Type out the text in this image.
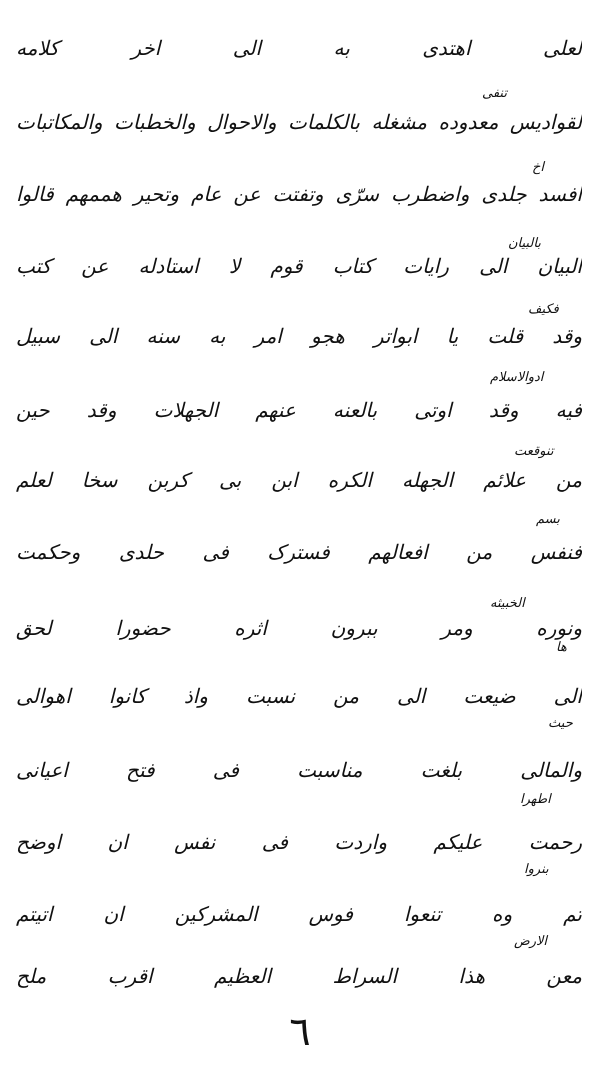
لعلی اهتدی به الی اخر کلامه
لقوادیس معدوده مشغله بالکلمات والاحوال والخطبات والمکاتبات
افسد جلدی واضطرب سرّی وتفتت عن عام وتحیر هممهم قالوا
البیان الی رایات کتاب قوم لا استادله عن کتب
وقد قلت یا ابواتر هجو امر به سنه الی سبیل
فیه وقد اوتی بالعنه عنهم الجهلات وقد حین
من علائم الجهله الکره ابن بی کربن سخا لعلم
فنفس من افعالهم فسترک فی حلدی وحکمت
ونوره ومر ببرون اثره حضورا لحق
الی ضیعت الی من نسبت واذ کانوا اهوالی
والمالی بلغت مناسبت فی فتح اعیانی
رحمت علیکم واردت فی نفس ان اوضح
تم وه تنعوا فوس المشرکین ان اتیتم
معن هذا السراط العظیم اقرب ملح
تنفی
اخ
بالبیان
فکیف
ادوالاسلام
تنوقعت
بسم
الخبیثه
ها
حیث
اطهرا
بنروا
الارض
٦
